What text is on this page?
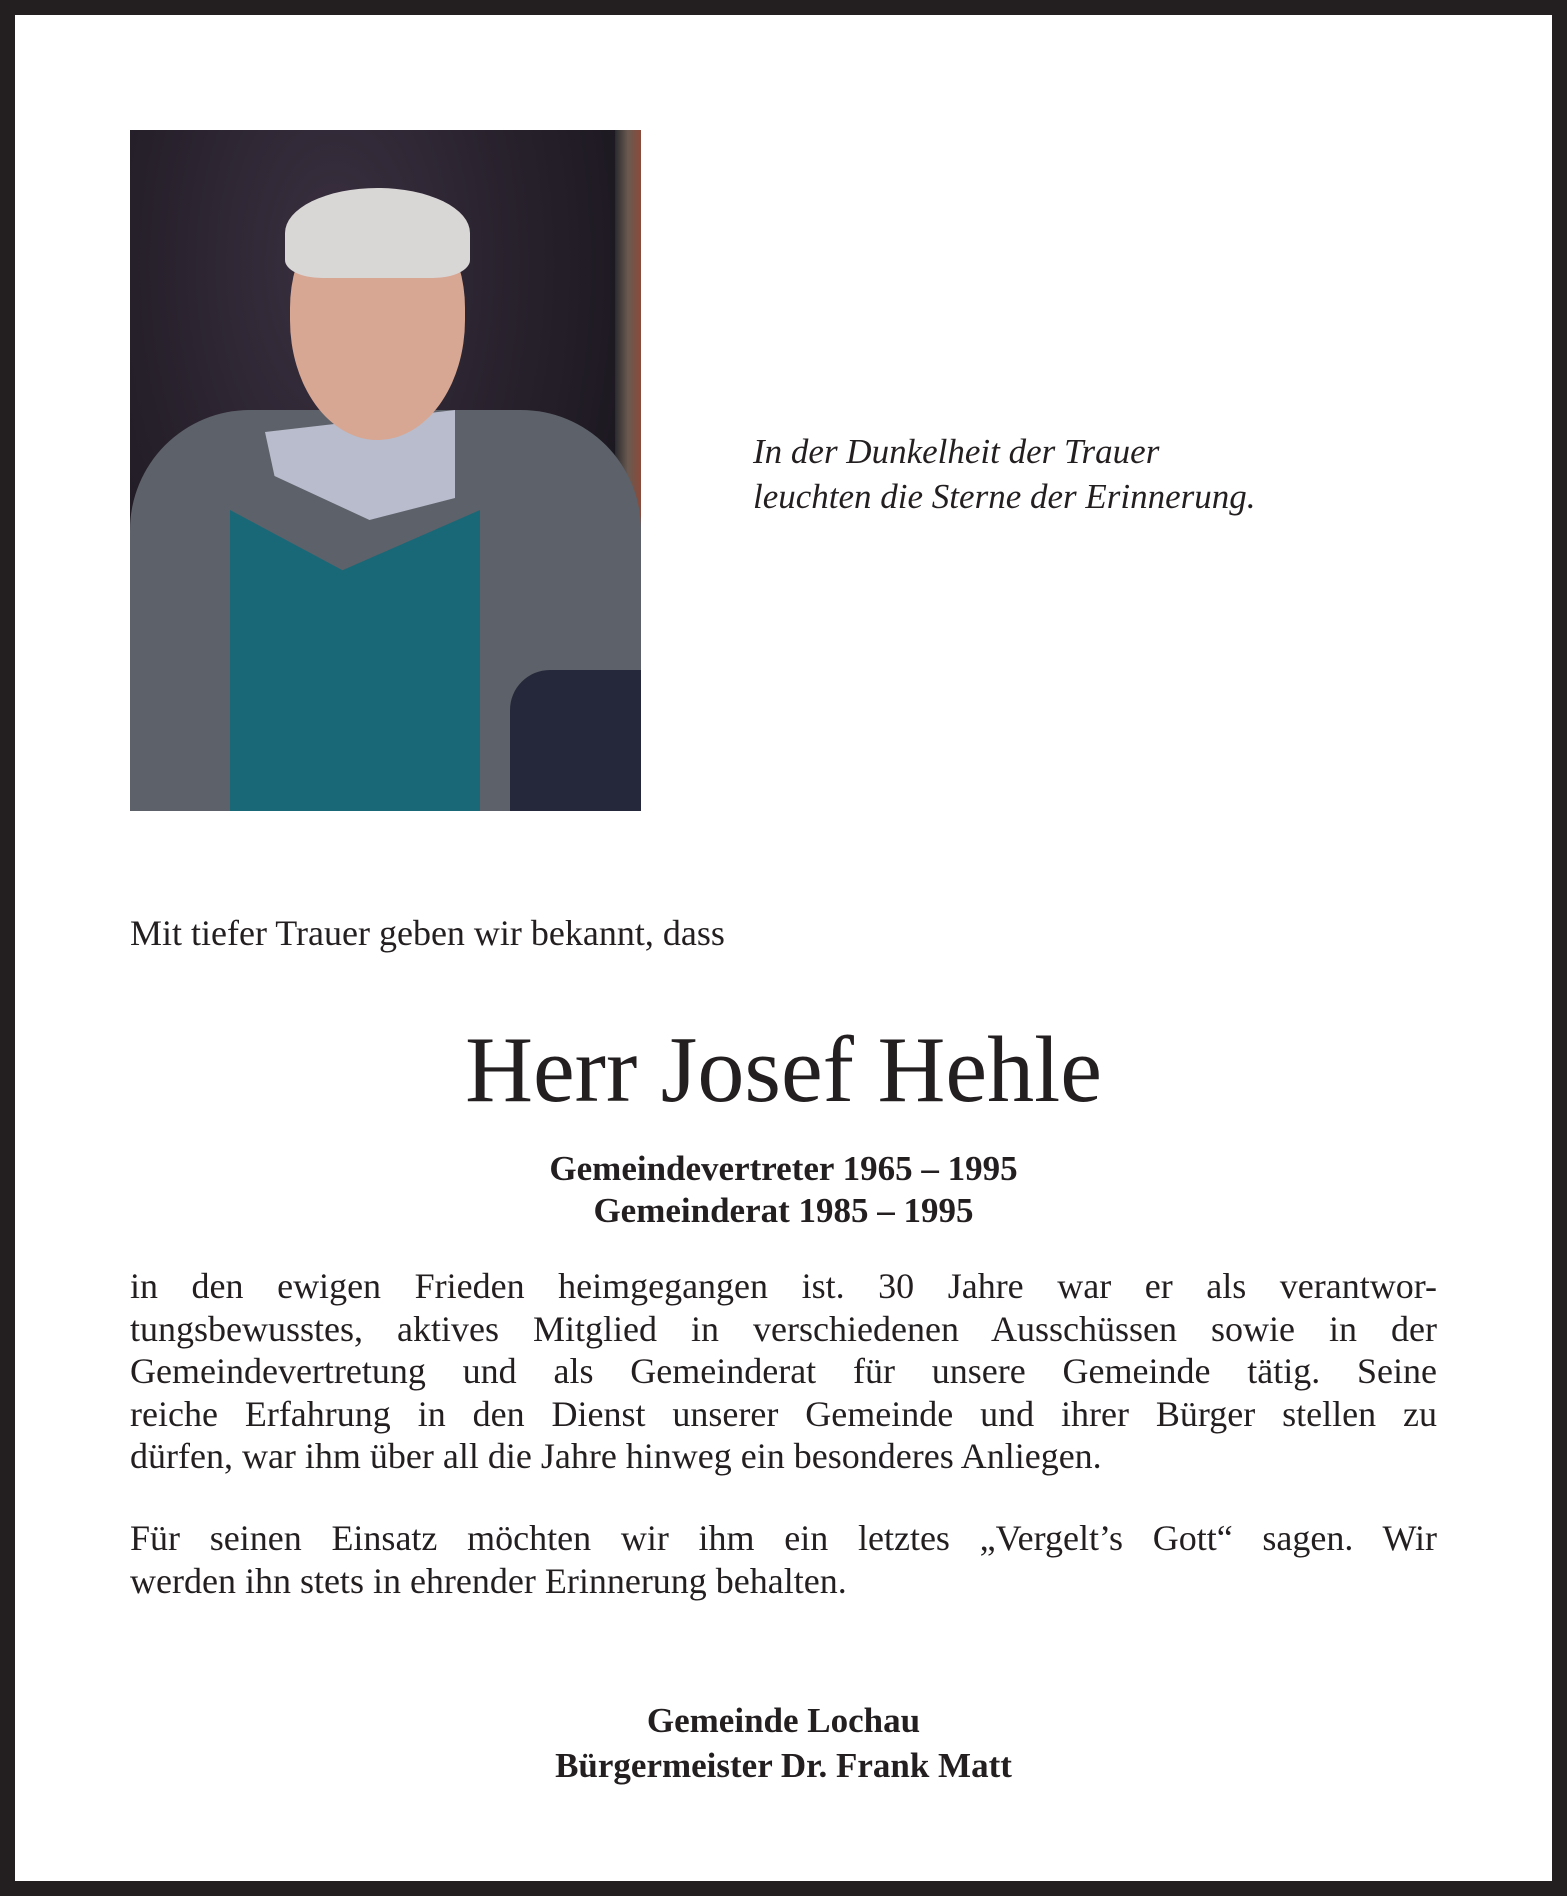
In der Dunkelheit der Trauer
leuchten die Sterne der Erinnerung.
Mit tiefer Trauer geben wir bekannt, dass
Herr Josef Hehle
Gemeindevertreter 1965 – 1995
Gemeinderat 1985 – 1995
in den ewigen Frieden heimgegangen ist. 30 Jahre war er als verantwor-
tungsbewusstes, aktives Mitglied in verschiedenen Ausschüssen sowie in der
Gemeindevertretung und als Gemeinderat für unsere Gemeinde tätig. Seine
reiche Erfahrung in den Dienst unserer Gemeinde und ihrer Bürger stellen zu
dürfen, war ihm über all die Jahre hinweg ein besonderes Anliegen.
Für seinen Einsatz möchten wir ihm ein letztes „Vergelt’s Gott“ sagen. Wir
werden ihn stets in ehrender Erinnerung behalten.
Gemeinde Lochau
Bürgermeister Dr. Frank Matt
